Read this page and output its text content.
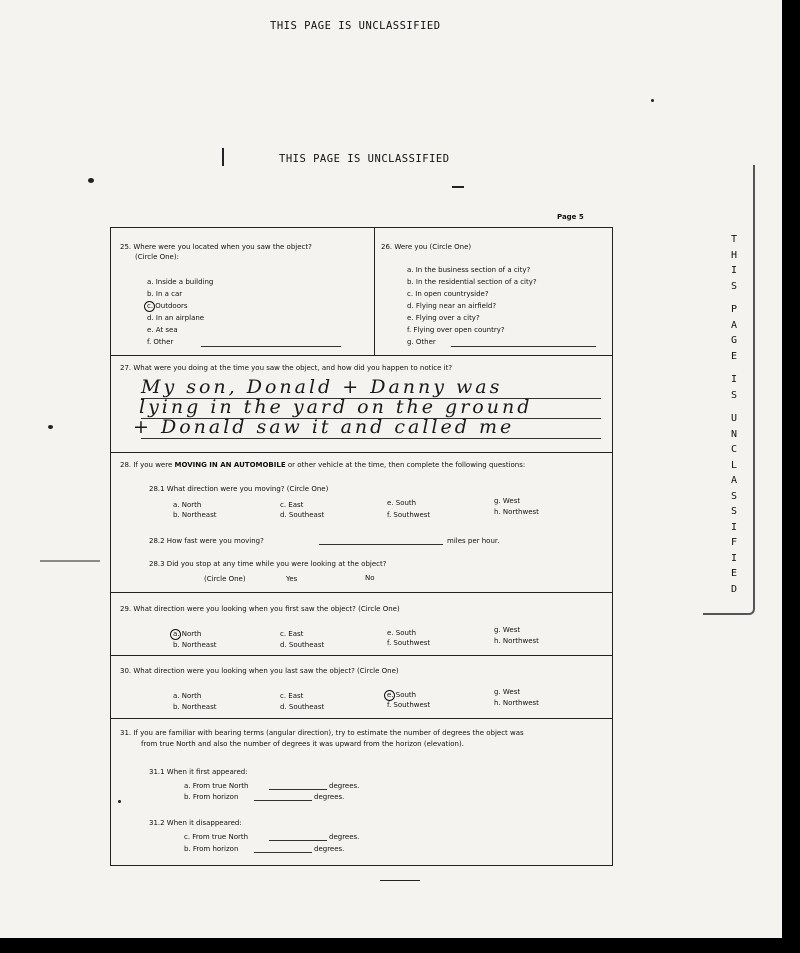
THIS PAGE IS UNCLASSIFIED
THIS PAGE IS UNCLASSIFIED
Page 5
T
H
I
S
P
A
G
E
I
S
U
N
C
L
A
S
S
I
F
I
E
D
25. Where were you located when you saw the object?
(Circle One):
a. Inside a building
b. In a car
c. Outdoors
d. In an airplane
e. At sea
f. Other
26. Were you (Circle One)
a. In the business section of a city?
b. In the residential section of a city?
c. In open countryside?
d. Flying near an airfield?
e. Flying over a city?
f. Flying over open country?
g. Other
27. What were you doing at the time you saw the object, and how did you happen to notice it?
My son, Donald + Danny was
lying in the yard on the ground
+ Donald saw it and called me
28. If you were MOVING IN AN AUTOMOBILE or other vehicle at the time, then complete the following questions:
28.1 What direction were you moving? (Circle One)
a. North	c. East	e. South	g. West
b. Northeast	d. Southeast	f. Southwest	h. Northwest
28.2 How fast were you moving?	miles per hour.
28.3 Did you stop at any time while you were looking at the object?
(Circle One)	Yes	No
29. What direction were you looking when you first saw the object? (Circle One)
a. North	c. East	e. South	g. West
b. Northeast	d. Southeast	f. Southwest	h. Northwest
30. What direction were you looking when you last saw the object? (Circle One)
a. North	c. East	e. South	g. West
b. Northeast	d. Southeast	f. Southwest	h. Northwest
31. If you are familiar with bearing terms (angular direction), try to estimate the number of degrees the object was
from true North and also the number of degrees it was upward from the horizon (elevation).
31.1 When it first appeared:
a. From true North	degrees.
b. From horizon	degrees.
31.2 When it disappeared:
c. From true North	degrees.
b. From horizon	degrees.
